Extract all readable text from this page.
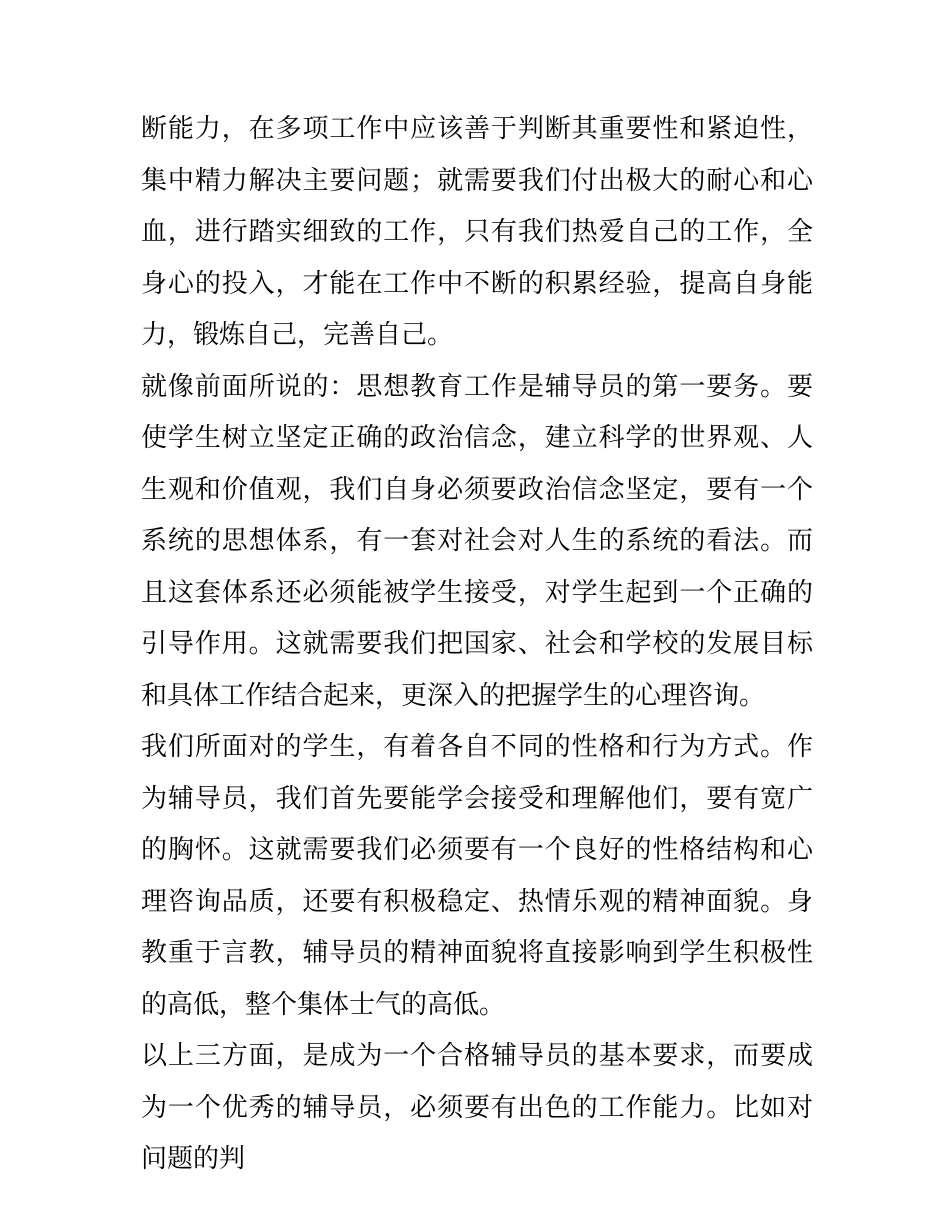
断能力，在多项工作中应该善于判断其重要性和紧迫性，集中精力解决主要问题；就需要我们付出极大的耐心和心血，进行踏实细致的工作，只有我们热爱自己的工作，全身心的投入，才能在工作中不断的积累经验，提高自身能力，锻炼自己，完善自己。

就像前面所说的：思想教育工作是辅导员的第一要务。要使学生树立坚定正确的政治信念，建立科学的世界观、人生观和价值观，我们自身必须要政治信念坚定，要有一个系统的思想体系，有一套对社会对人生的系统的看法。而且这套体系还必须能被学生接受，对学生起到一个正确的引导作用。这就需要我们把国家、社会和学校的发展目标和具体工作结合起来，更深入的把握学生的心理咨询。

我们所面对的学生，有着各自不同的性格和行为方式。作为辅导员，我们首先要能学会接受和理解他们，要有宽广的胸怀。这就需要我们必须要有一个良好的性格结构和心理咨询品质，还要有积极稳定、热情乐观的精神面貌。身教重于言教，辅导员的精神面貌将直接影响到学生积极性的高低，整个集体士气的高低。

以上三方面，是成为一个合格辅导员的基本要求，而要成为一个优秀的辅导员，必须要有出色的工作能力。比如对问题的判
